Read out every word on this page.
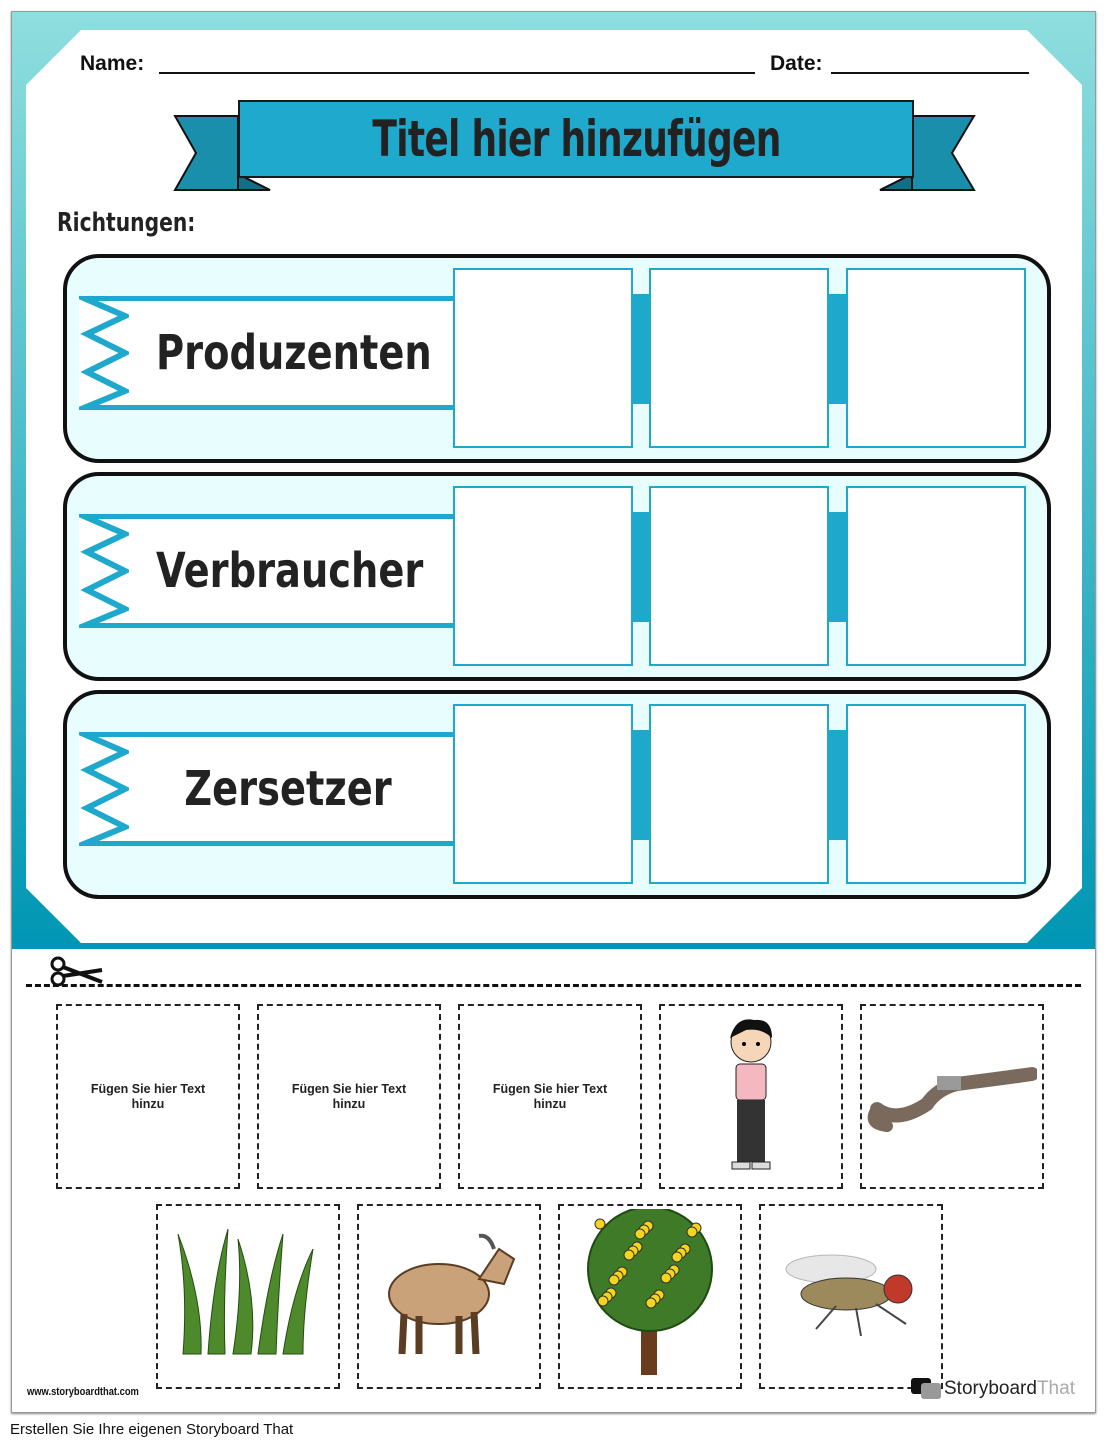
Name:	Date:
Titel hier hinzufügen
Richtungen:
Produzenten
Verbraucher
Zersetzer
Fügen Sie hier Text hinzu
Fügen Sie hier Text hinzu
Fügen Sie hier Text hinzu
www.storyboardthat.com	Storyboard That
Erstellen Sie Ihre eigenen Storyboard That
